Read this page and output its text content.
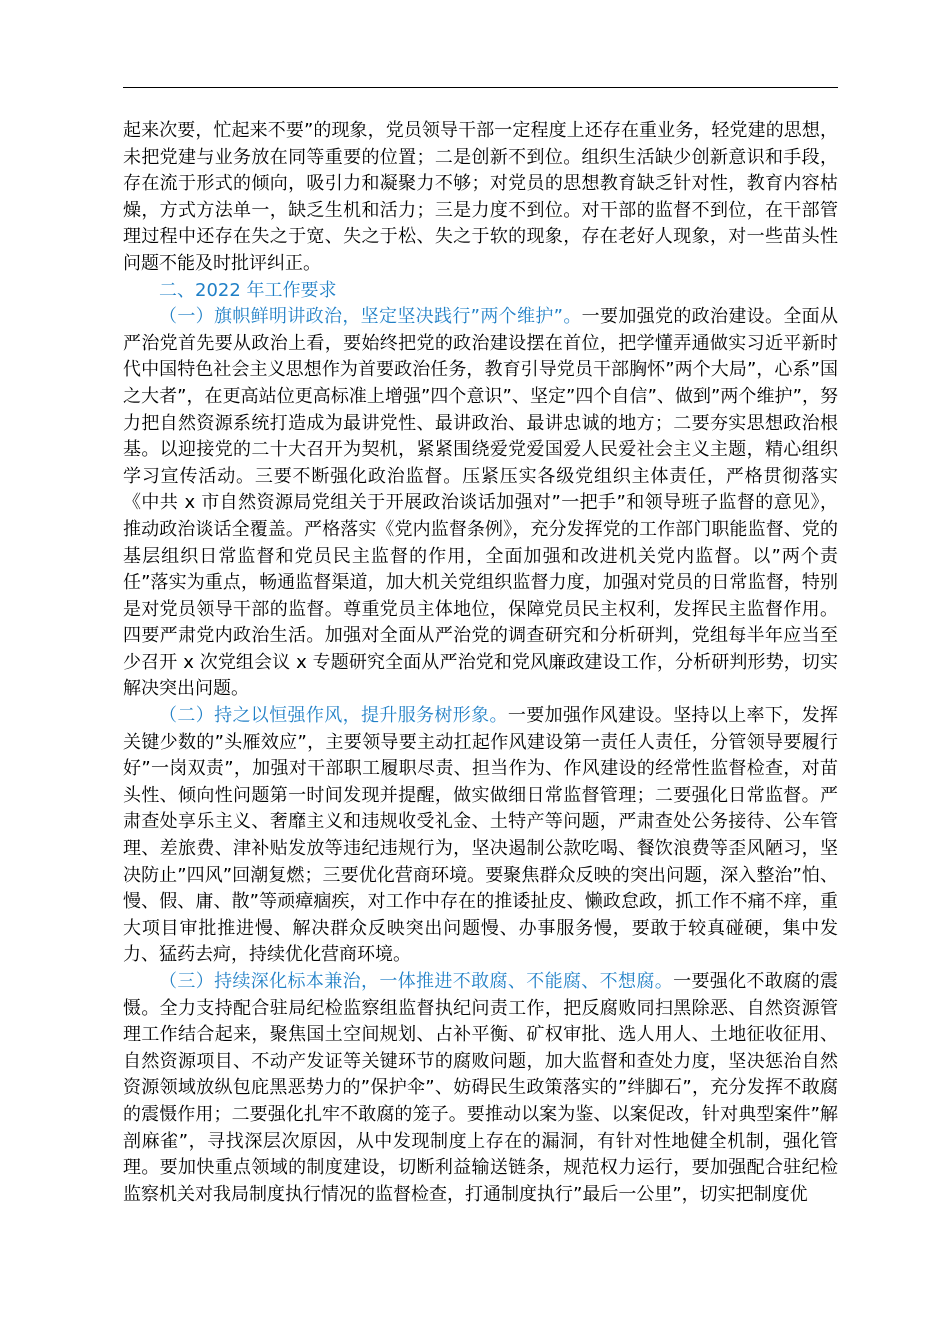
起来次要，忙起来不要”的现象，党员领导干部一定程度上还存在重业务，轻党建的思想，未把党建与业务放在同等重要的位置；二是创新不到位。组织生活缺少创新意识和手段，存在流于形式的倾向，吸引力和凝聚力不够；对党员的思想教育缺乏针对性，教育内容枯燥，方式方法单一，缺乏生机和活力；三是力度不到位。对干部的监督不到位，在干部管理过程中还存在失之于宽、失之于松、失之于软的现象，存在老好人现象，对一些苗头性问题不能及时批评纠正。

二、2022 年工作要求

（一）旗帜鲜明讲政治，坚定坚决践行”两个维护”。一要加强党的政治建设。全面从严治党首先要从政治上看，要始终把党的政治建设摆在首位，把学懂弄通做实习近平新时代中国特色社会主义思想作为首要政治任务，教育引导党员干部胸怀”两个大局”，心系”国之大者”，在更高站位更高标准上增强”四个意识”、坚定”四个自信”、做到”两个维护”，努力把自然资源系统打造成为最讲党性、最讲政治、最讲忠诚的地方；二要夯实思想政治根基。以迎接党的二十大召开为契机，紧紧围绕爱党爱国爱人民爱社会主义主题，精心组织学习宣传活动。三要不断强化政治监督。压紧压实各级党组织主体责任，严格贯彻落实《中共 x 市自然资源局党组关于开展政治谈话加强对”一把手”和领导班子监督的意见》，推动政治谈话全覆盖。严格落实《党内监督条例》，充分发挥党的工作部门职能监督、党的基层组织日常监督和党员民主监督的作用，全面加强和改进机关党内监督。以”两个责任”落实为重点，畅通监督渠道，加大机关党组织监督力度，加强对党员的日常监督，特别是对党员领导干部的监督。尊重党员主体地位，保障党员民主权利，发挥民主监督作用。四要严肃党内政治生活。加强对全面从严治党的调查研究和分析研判，党组每半年应当至少召开 x 次党组会议 x 专题研究全面从严治党和党风廉政建设工作，分析研判形势，切实解决突出问题。

（二）持之以恒强作风，提升服务树形象。一要加强作风建设。坚持以上率下，发挥关键少数的”头雁效应”，主要领导要主动扛起作风建设第一责任人责任，分管领导要履行好”一岗双责”，加强对干部职工履职尽责、担当作为、作风建设的经常性监督检查，对苗头性、倾向性问题第一时间发现并提醒，做实做细日常监督管理；二要强化日常监督。严肃查处享乐主义、奢靡主义和违规收受礼金、土特产等问题，严肃查处公务接待、公车管理、差旅费、津补贴发放等违纪违规行为，坚决遏制公款吃喝、餐饮浪费等歪风陋习，坚决防止”四风”回潮复燃；三要优化营商环境。要聚焦群众反映的突出问题，深入整治”怕、慢、假、庸、散”等顽瘴痼疾，对工作中存在的推诿扯皮、懒政怠政，抓工作不痛不痒，重大项目审批推进慢、解决群众反映突出问题慢、办事服务慢，要敢于较真碰硬，集中发力、猛药去疴，持续优化营商环境。

（三）持续深化标本兼治，一体推进不敢腐、不能腐、不想腐。一要强化不敢腐的震慑。全力支持配合驻局纪检监察组监督执纪问责工作，把反腐败同扫黑除恶、自然资源管理工作结合起来，聚焦国土空间规划、占补平衡、矿权审批、选人用人、土地征收征用、自然资源项目、不动产发证等关键环节的腐败问题，加大监督和查处力度，坚决惩治自然资源领域放纵包庇黑恶势力的”保护伞”、妨碍民生政策落实的”绊脚石”，充分发挥不敢腐的震慑作用；二要强化扎牢不敢腐的笼子。要推动以案为鉴、以案促改，针对典型案件”解剖麻雀”，寻找深层次原因，从中发现制度上存在的漏洞，有针对性地健全机制，强化管理。要加快重点领域的制度建设，切断利益输送链条，规范权力运行，要加强配合驻纪检监察机关对我局制度执行情况的监督检查，打通制度执行”最后一公里”，切实把制度优
